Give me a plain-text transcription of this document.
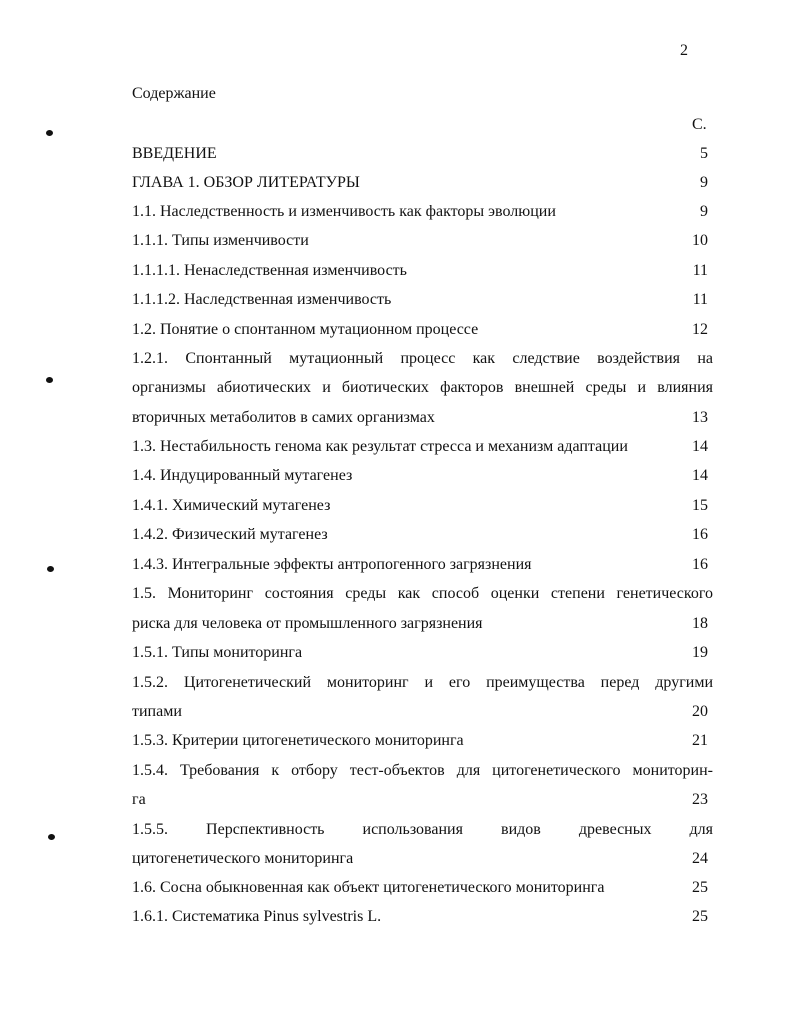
2
Содержание
С.
ВВЕДЕНИЕ	5
ГЛАВА 1. ОБЗОР ЛИТЕРАТУРЫ	9
1.1. Наследственность и изменчивость как факторы эволюции	9
1.1.1. Типы изменчивости	10
1.1.1.1. Ненаследственная изменчивость	11
1.1.1.2. Наследственная изменчивость	11
1.2. Понятие о спонтанном мутационном процессе	12
1.2.1. Спонтанный мутационный процесс как следствие воздействия на
организмы абиотических и биотических факторов внешней среды и влияния
вторичных метаболитов в самих организмах	13
1.3. Нестабильность генома как результат стресса и механизм адаптации	14
1.4. Индуцированный мутагенез	14
1.4.1. Химический мутагенез	15
1.4.2. Физический мутагенез	16
1.4.3. Интегральные эффекты антропогенного загрязнения	16
1.5. Мониторинг состояния среды как способ оценки степени генетического
риска для человека от промышленного загрязнения	18
1.5.1. Типы мониторинга	19
1.5.2. Цитогенетический мониторинг и его преимущества перед другими
типами	20
1.5.3. Критерии цитогенетического мониторинга	21
1.5.4. Требования к отбору тест-объектов для цитогенетического мониторин-
га	23
1.5.5. Перспективность использования видов древесных для
цитогенетического мониторинга	24
1.6. Сосна обыкновенная как объект цитогенетического мониторинга	25
1.6.1. Систематика Pinus sylvestris L.	25
